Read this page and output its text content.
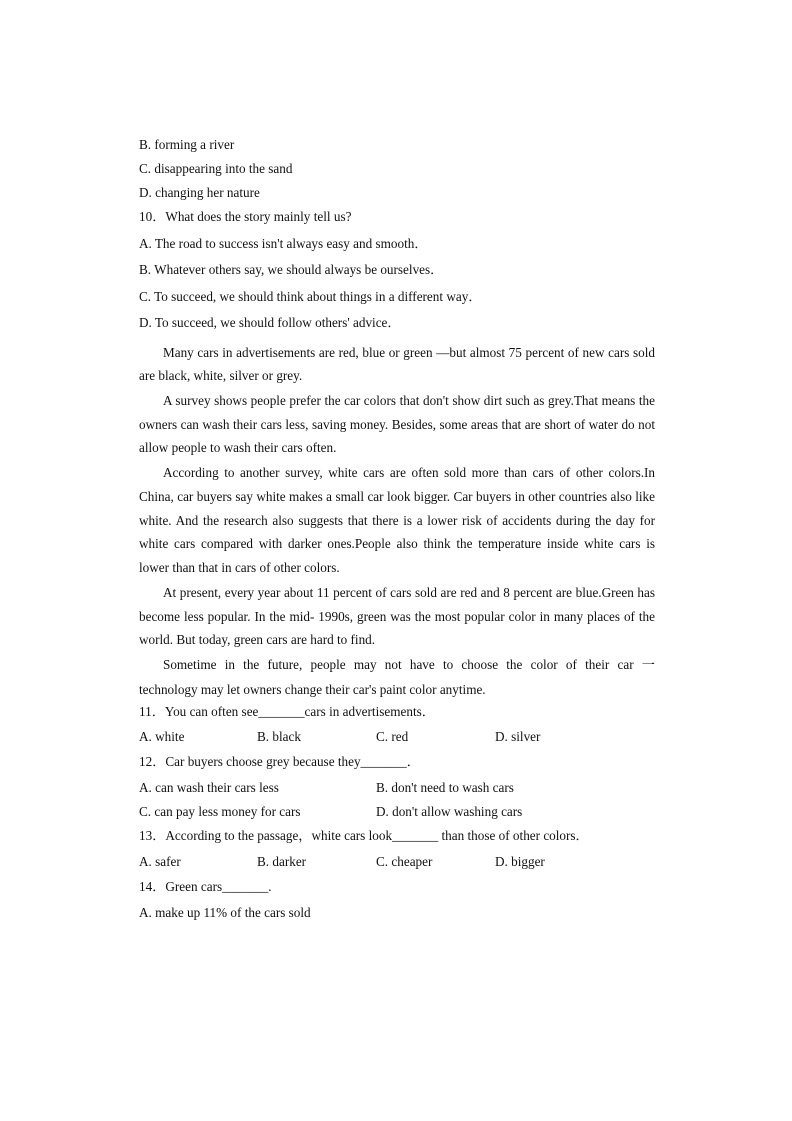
B. forming a river
C. disappearing into the sand
D. changing her nature
10．What does the story mainly tell us?
A. The road to success isn't always easy and smooth．
B. Whatever others say, we should always be ourselves．
C. To succeed, we should think about things in a different way．
D. To succeed, we should follow others' advice．
Many cars in advertisements are red, blue or green —but almost 75 percent of new cars sold are black, white, silver or grey.
A survey shows people prefer the car colors that don't show dirt such as grey.That means the owners can wash their cars less, saving money. Besides, some areas that are short of water do not allow people to wash their cars often.
According to another survey, white cars are often sold more than cars of other colors.In China, car buyers say white makes a small car look bigger. Car buyers in other countries also like white. And the research also suggests that there is a lower risk of accidents during the day for white cars compared with darker ones.People also think the temperature inside white cars is lower than that in cars of other colors.
At present, every year about 11 percent of cars sold are red and 8 percent are blue.Green has become less popular. In the mid- 1990s, green was the most popular color in many places of the world. But today, green cars are hard to find.
Sometime in the future, people may not have to choose the color of their car 一
technology may let owners change their car's paint color anytime.
11．You can often see_______cars in advertisements．
A. white	B. black	C. red	D. silver
12．Car buyers choose grey because they_______．
A. can wash their cars less	B. don't need to wash cars
C. can pay less money for cars	D. don't allow washing cars
13．According to the passage，white cars look_______ than those of other colors．
A. safer	B. darker	C. cheaper	D. bigger
14．Green cars_______.
A. make up 11% of the cars sold
